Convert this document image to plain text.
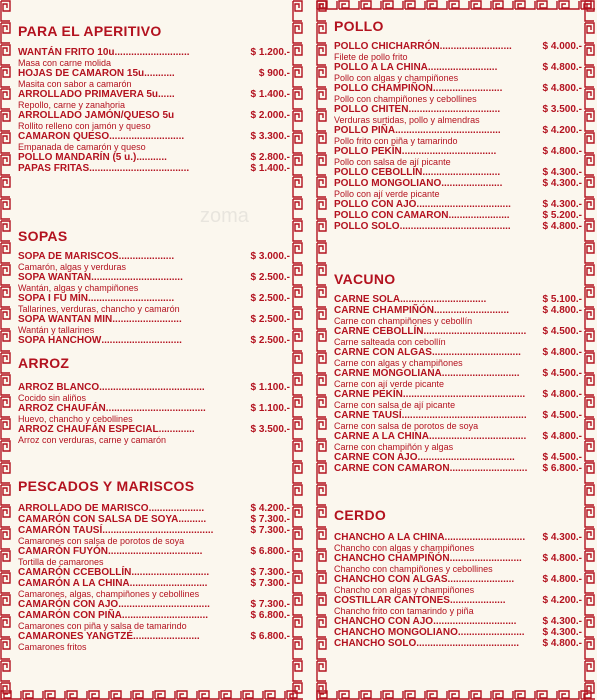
zoma
PARA EL APERITIVO
WANTÁN FRITO 10u...........................	$ 1.200.-
Masa con carne molida
HOJAS DE CAMARON 15u...........	$ 900.-
Masita con sabor a camarón
ARROLLADO PRIMAVERA 5u......	$ 1.400.-
Repollo, carne y zanahoria
ARROLLADO JAMÓN/QUESO 5u	$ 2.000.-
Rollito relleno con jamón y queso
CAMARON QUESO...........................	$ 3.300.-
Empanada de camarón y queso
POLLO MANDARÍN (5 u.)...........	$ 2.800.-
PAPAS FRITAS....................................	$ 1.400.-
SOPAS
SOPA DE MARISCOS....................	$ 3.000.-
Camarón, algas y verduras
SOPA WANTAN.................................	$ 2.500.-
Wantán, algas y champiñones
SOPA I FU MIN...............................	$ 2.500.-
Tallarines, verduras, chancho y camarón
SOPA WANTAN MIN.........................	$ 2.500.-
Wantán y tallarines
SOPA HANCHOW.............................	$ 2.500.-
ARROZ
ARROZ BLANCO......................................	$ 1.100.-
Cocido sin aliños
ARROZ CHAUFÁN....................................	$ 1.100.-
Huevo, chancho y cebollines
ARROZ CHAUFÁN ESPECIAL.............	$ 3.500.-
Arroz con verduras, carne y camarón
PESCADOS Y MARISCOS
ARROLLADO DE MARISCO....................	$ 4.200.-
CAMARÓN CON SALSA DE SOYA..........	$ 7.300.-
CAMARÓN TAUSÍ........................................	$ 7.300.-
Camarones con salsa de porotos de soya
CAMARÓN FUYÓN..................................	$ 6.800.-
Tortilla de camarones
CAMARÓN CCEBOLLÍN............................	$ 7.300.-
CAMARÓN A LA CHINA............................	$ 7.300.-
Camarones, algas, champiñones y cebollines
CAMARÓN CON AJO.................................	$ 7.300.-
CAMARÓN CON PIÑA...............................	$ 6.800.-
Camarones con piña y salsa de tamarindo
CAMARONES YANGTZÉ........................	$ 6.800.-
Camarones fritos
POLLO
POLLO CHICHARRÓN..........................	$ 4.000.-
Filete de pollo frito
POLLO A LA CHINA.........................	$ 4.800.-
Pollo con algas y champiñones
POLLO CHAMPIÑON.........................	$ 4.800.-
Pollo con champiñones y cebollines
POLLO CHITEN.................................	$ 3.500.-
Verduras surtidas, pollo y almendras
POLLO PIÑA......................................	$ 4.200.-
Pollo frito con piña y tamarindo
POLLO PEKÍN..................................	$ 4.800.-
Pollo con salsa de ají picante
POLLO CEBOLLÍN............................	$ 4.300.-
POLLO MONGOLIANO......................	$ 4.300.-
Pollo con ají verde picante
POLLO CON AJO..................................	$ 4.300.-
POLLO CON CAMARON......................	$ 5.200.-
POLLO SOLO........................................	$ 4.800.-
VACUNO
CARNE SOLA...............................	$ 5.100.-
CARNE CHAMPIÑÓN...........................	$ 4.800.-
Carne con champiñones y cebollín
CARNE CEBOLLÍN..................................... $ 4.500.-
Carne salteada con cebollín
CARNE CON ALGAS................................ $ 4.800.-
Carne con algas y champiñones
CARNE MONGOLIANA............................ $ 4.500.-
Carne con ají verde picante
CARNE PEKÍN............................................ $ 4.800.-
Carne con salsa de ají picante
CARNE TAUSÍ............................................. $ 4.500.-
Carne con salsa de porotos de soya
CARNE A LA CHINA................................... $ 4.800.-
Carne con champiñón y algas
CARNE CON AJO...................................	$ 4.500.-
CARNE CON CAMARON............................ $ 6.800.-
CERDO
CHANCHO A LA CHINA............................. $ 4.300.-
Chancho con algas y champiñones
CHANCHO CHAMPIÑÓN.......................... $ 4.800.-
Chancho con champiñones y cebollines
CHANCHO CON ALGAS........................	$ 4.800.-
Chancho con algas y champiñones
COSTILLAR CANTONES....................	$ 4.200.-
Chancho frito con tamarindo y piña
CHANCHO CON AJO..............................	$ 4.300.-
CHANCHO MONGOLIANO........................ $ 4.300.-
CHANCHO SOLO..................................... $ 4.800.-
